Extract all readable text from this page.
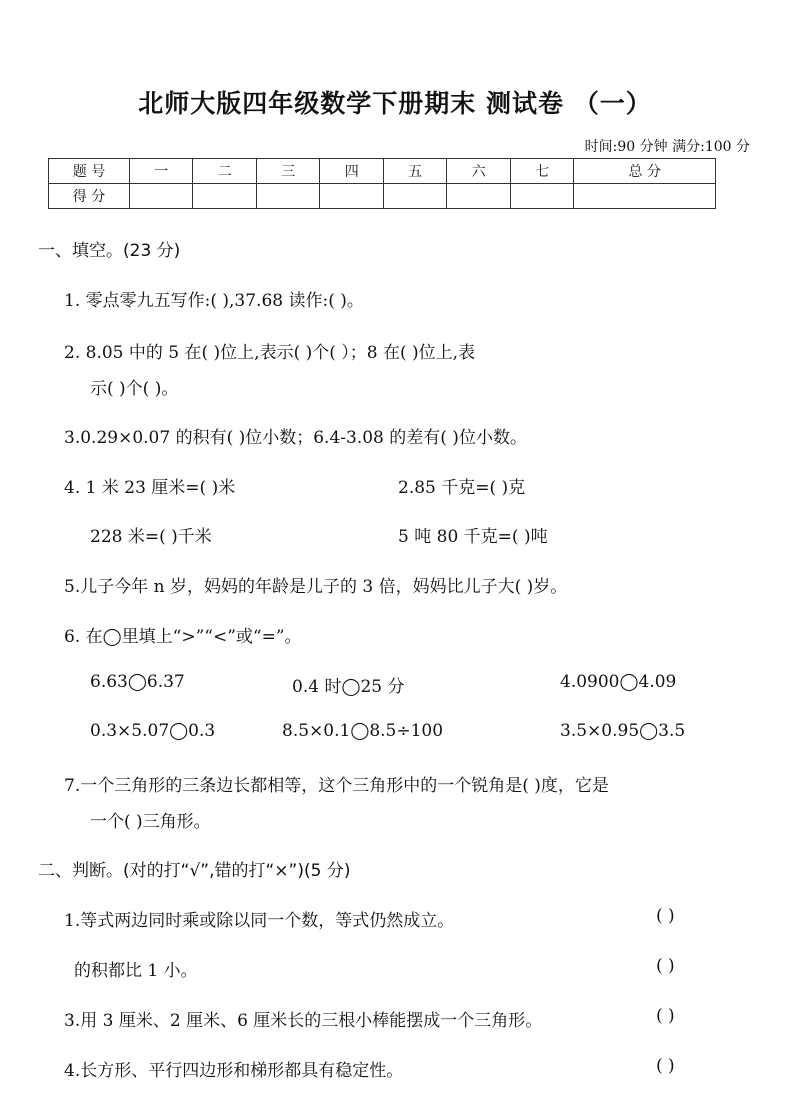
北师大版四年级数学下册期末 测试卷 （一）
时间:90 分钟 满分:100 分
题 号	一	二	三	四	五	六	七	总 分
得 分								
一、填空。(23 分)
1. 零点零九五写作:( ),37.68 读作:( )。
2. 8.05 中的 5 在( )位上,表示( )个( ）；8 在( )位上,表
示( )个( )。
3.0.29×0.07 的积有( )位小数；6.4-3.08 的差有( )位小数。
4. 1 米 23 厘米=( )米	2.85 千克=( )克
228 米=( )千米	5 吨 80 千克=( )吨
5.儿子今年 n 岁，妈妈的年龄是儿子的 3 倍，妈妈比儿子大( )岁。
6. 在◯里填上“>”“<”或“=”。
6.63◯6.37	0.4 时◯25 分	4.0900◯4.09
0.3×5.07◯0.3	8.5×0.1◯8.5÷100	3.5×0.95◯3.5
7.一个三角形的三条边长都相等，这个三角形中的一个锐角是( )度，它是
一个( )三角形。
二、判断。(对的打“√”,错的打“×”)(5 分)
1.等式两边同时乘或除以同一个数，等式仍然成立。	( )
的积都比 1 小。	( )
3.用 3 厘米、2 厘米、6 厘米长的三根小棒能摆成一个三角形。	( )
4.长方形、平行四边形和梯形都具有稳定性。	( )
